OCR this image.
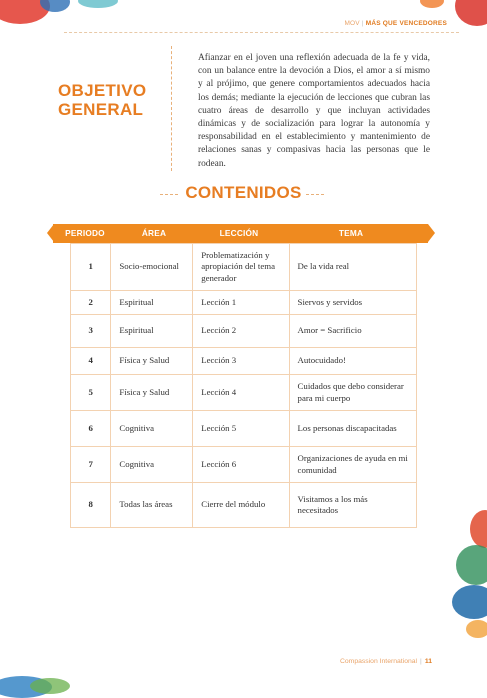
MOV | MÁS QUE VENCEDORES
OBJETIVO GENERAL
Afianzar en el joven una reflexión adecuada de la fe y vida, con un balance entre la devoción a Dios, el amor a sí mismo y al prójimo, que genere comportamientos adecuados hacia los demás; mediante la ejecución de lecciones que cubran las cuatro áreas de desarrollo y que incluyan actividades dinámicas y de socialización para lograr la autonomía y responsabilidad en el establecimiento y mantenimiento de relaciones sanas y compasivas hacia las personas que le rodean.
CONTENIDOS
PERIODO	ÁREA	LECCIÓN	TEMA
1	Socio-emocional	Problematización y apropiación del tema generador	De la vida real
2	Espiritual	Lección 1	Siervos y servidos
3	Espiritual	Lección 2	Amor = Sacrificio
4	Física y Salud	Lección 3	Autocuidado!
5	Física y Salud	Lección 4	Cuidados que debo considerar para mi cuerpo
6	Cognitiva	Lección 5	Los personas discapacitadas
7	Cognitiva	Lección 6	Organizaciones de ayuda en mi comunidad
8	Todas las áreas	Cierre del módulo	Visitamos a los más necesitados
Compassion International | 11
